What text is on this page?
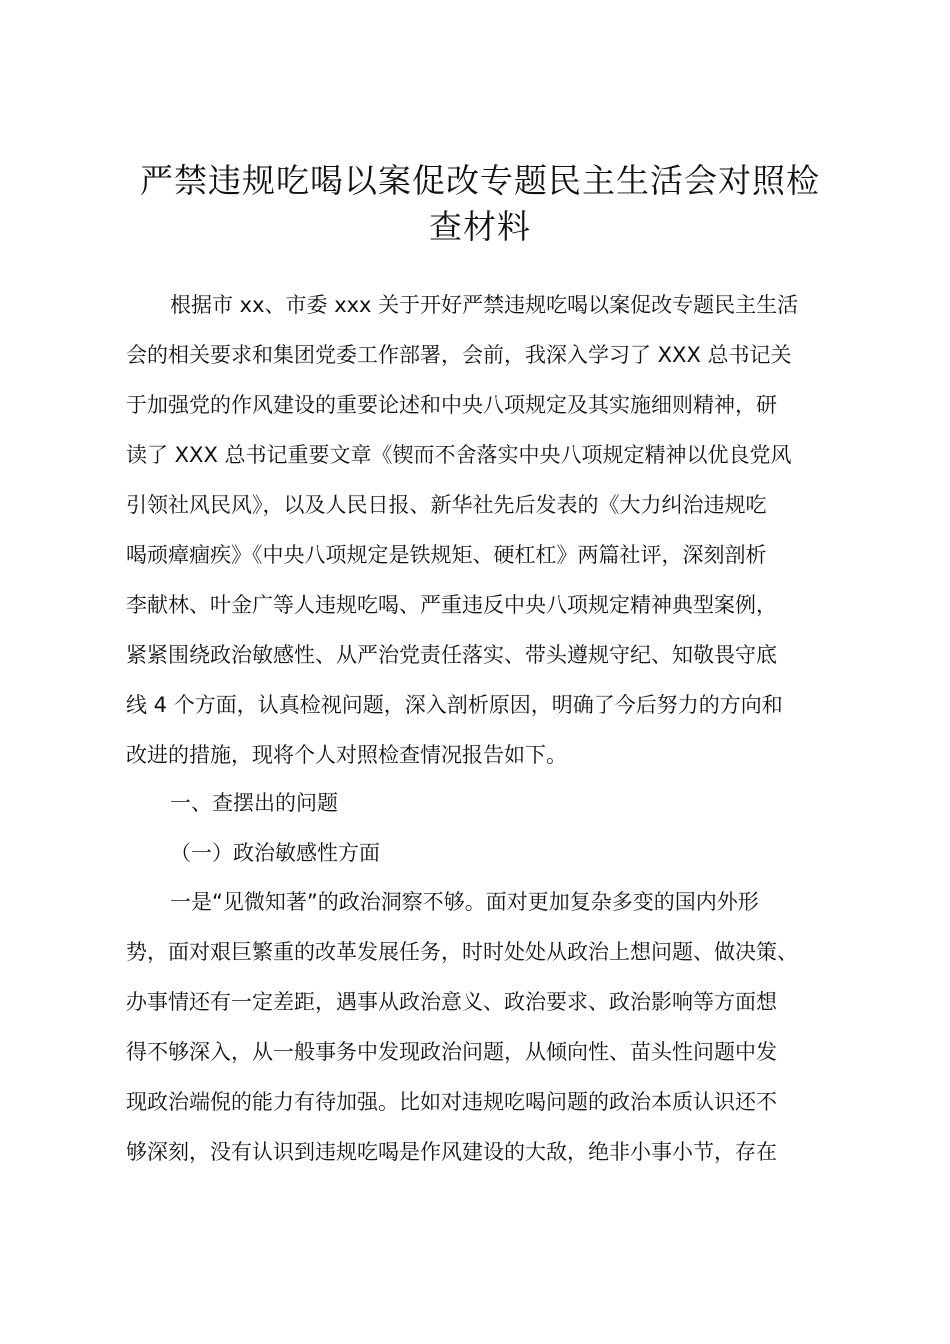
严禁违规吃喝以案促改专题民主生活会对照检
查材料
根据市 xx、市委 xxx 关于开好严禁违规吃喝以案促改专题民主生活
会的相关要求和集团党委工作部署，会前，我深入学习了 XXX 总书记关
于加强党的作风建设的重要论述和中央八项规定及其实施细则精神，研
读了 XXX 总书记重要文章《锲而不舍落实中央八项规定精神以优良党风
引领社风民风》，以及人民日报、新华社先后发表的《大力纠治违规吃
喝顽瘴痼疾》《中央八项规定是铁规矩、硬杠杠》两篇社评，深刻剖析
李献林、叶金广等人违规吃喝、严重违反中央八项规定精神典型案例，
紧紧围绕政治敏感性、从严治党责任落实、带头遵规守纪、知敬畏守底
线 4 个方面，认真检视问题，深入剖析原因，明确了今后努力的方向和
改进的措施，现将个人对照检查情况报告如下。
一、查摆出的问题
（一）政治敏感性方面
一是“见微知著”的政治洞察不够。面对更加复杂多变的国内外形
势，面对艰巨繁重的改革发展任务，时时处处从政治上想问题、做决策、
办事情还有一定差距，遇事从政治意义、政治要求、政治影响等方面想
得不够深入，从一般事务中发现政治问题，从倾向性、苗头性问题中发
现政治端倪的能力有待加强。比如对违规吃喝问题的政治本质认识还不
够深刻，没有认识到违规吃喝是作风建设的大敌，绝非小事小节，存在
